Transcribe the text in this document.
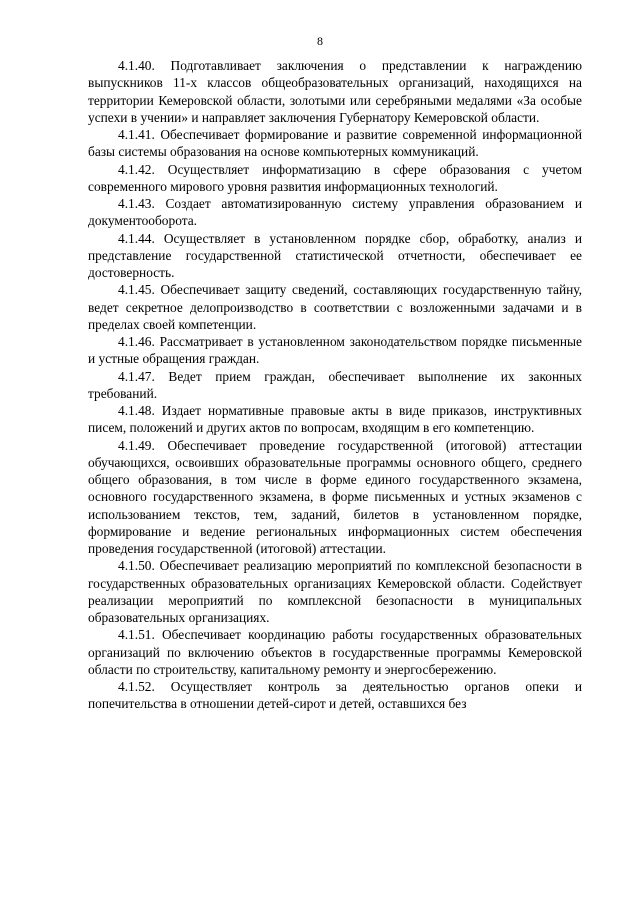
8

4.1.40. Подготавливает заключения о представлении к награждению выпускников 11-х классов общеобразовательных организаций, находящихся на территории Кемеровской области, золотыми или серебряными медалями «За особые успехи в учении» и направляет заключения Губернатору Кемеровской области.

4.1.41. Обеспечивает формирование и развитие современной информационной базы системы образования на основе компьютерных коммуникаций.

4.1.42. Осуществляет информатизацию в сфере образования с учетом современного мирового уровня развития информационных технологий.

4.1.43. Создает автоматизированную систему управления образованием и документооборота.

4.1.44. Осуществляет в установленном порядке сбор, обработку, анализ и представление государственной статистической отчетности, обеспечивает ее достоверность.

4.1.45. Обеспечивает защиту сведений, составляющих государственную тайну, ведет секретное делопроизводство в соответствии с возложенными задачами и в пределах своей компетенции.

4.1.46. Рассматривает в установленном законодательством порядке письменные и устные обращения граждан.

4.1.47. Ведет прием граждан, обеспечивает выполнение их законных требований.

4.1.48. Издает нормативные правовые акты в виде приказов, инструктивных писем, положений и других актов по вопросам, входящим в его компетенцию.

4.1.49. Обеспечивает проведение государственной (итоговой) аттестации обучающихся, освоивших образовательные программы основного общего, среднего общего образования, в том числе в форме единого государственного экзамена, основного государственного экзамена, в форме письменных и устных экзаменов с использованием текстов, тем, заданий, билетов в установленном порядке, формирование и ведение региональных информационных систем обеспечения проведения государственной (итоговой) аттестации.

4.1.50. Обеспечивает реализацию мероприятий по комплексной безопасности в государственных образовательных организациях Кемеровской области. Содействует реализации мероприятий по комплексной безопасности в муниципальных образовательных организациях.

4.1.51. Обеспечивает координацию работы государственных образовательных организаций по включению объектов в государственные программы Кемеровской области по строительству, капитальному ремонту и энергосбережению.

4.1.52. Осуществляет контроль за деятельностью органов опеки и попечительства в отношении детей-сирот и детей, оставшихся без
